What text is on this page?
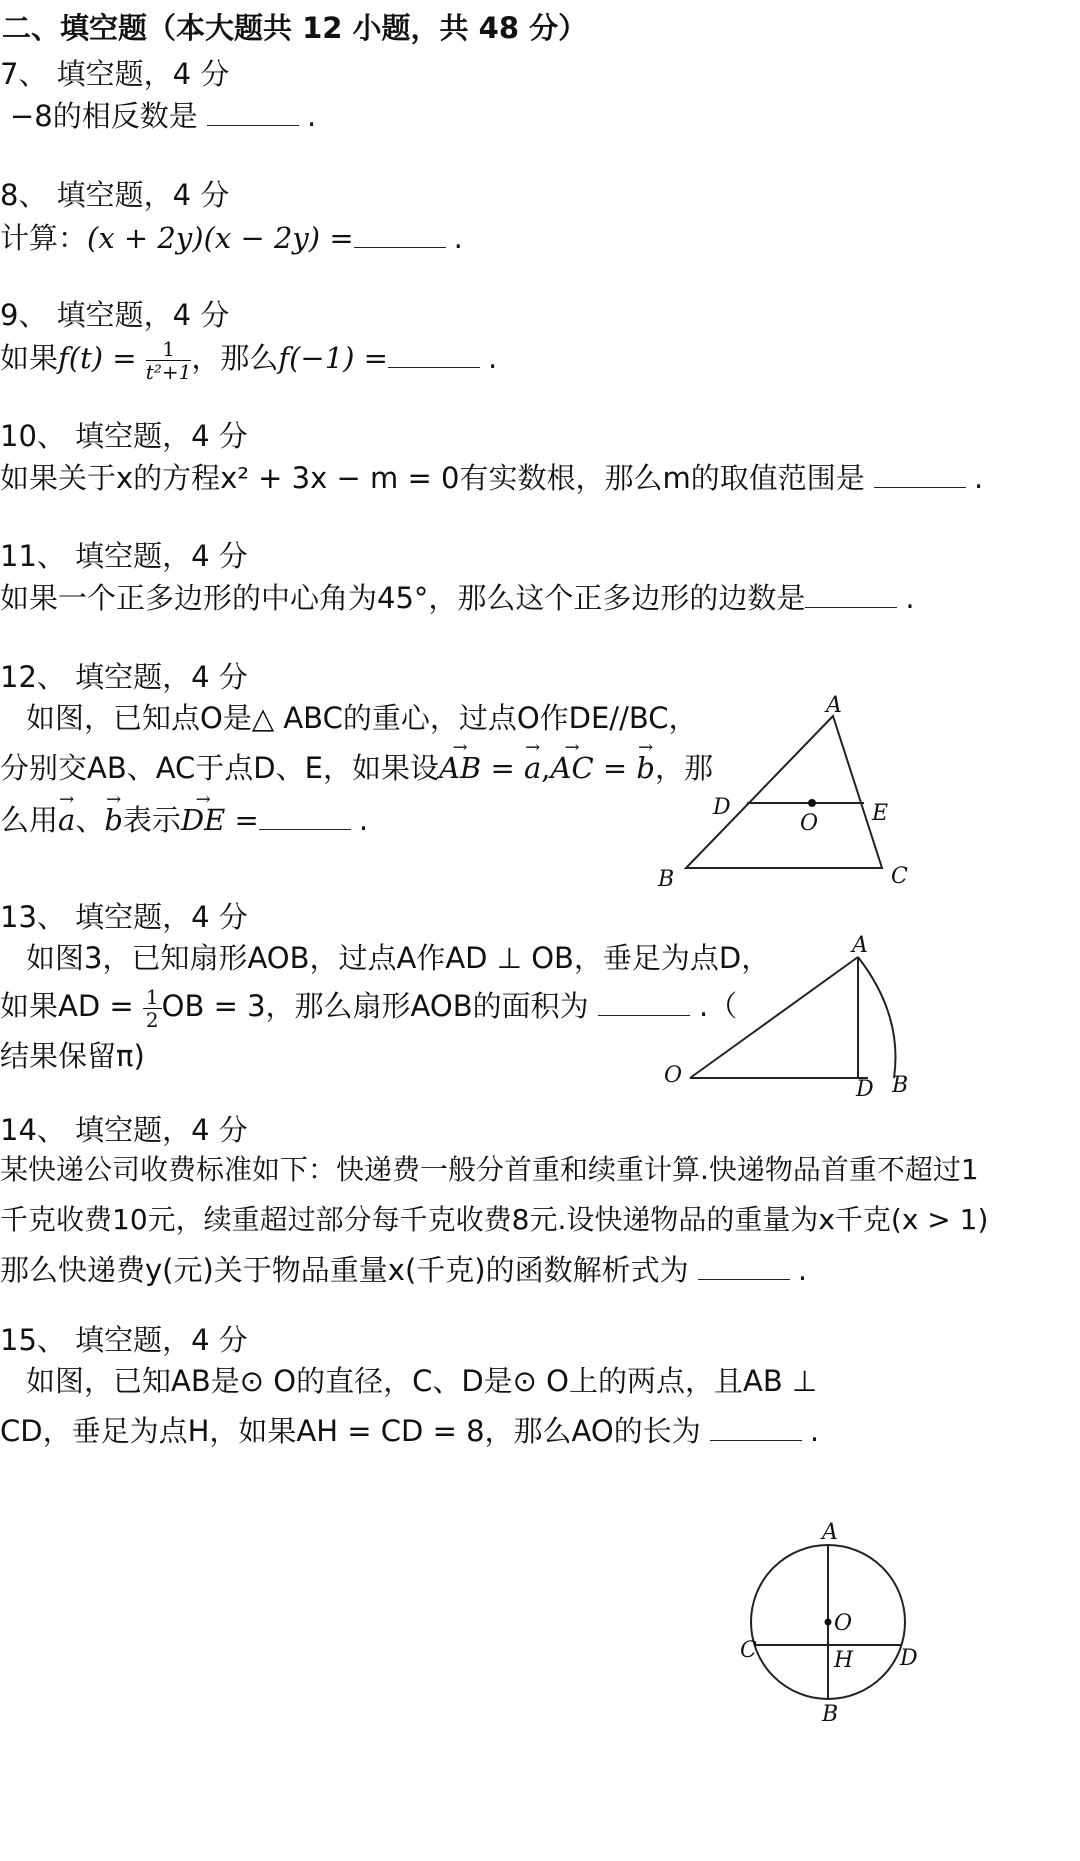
二、填空题（本大题共 12 小题，共 48 分）
7、 填空题，4 分
−8的相反数是	.
8、 填空题，4 分
计算：(x + 2y)(x − 2y) =	.
9、 填空题，4 分
如果$f(t) = \frac{1}{\text{t²+1}}$ ，那么f(−1) =	.
10、 填空题，4 分
如果关于x的方程x² + 3x − m = 0有实数根，那么m的取值范围是	.
11、 填空题，4 分
如果一个正多边形的中心角为45°，那么这个正多边形的边数是	.
12、 填空题，4 分
如图，已知点O是△ ABC的重心，过点O作DE//BC，
分别交AB、AC于点D、E，如果设→ AB = → a,→ AC = → b，那
么用→ a、→ b表示→ DE =	.
A
B	C
D	E
O
13、 填空题，4 分
如图3，已知扇形AOB，过点A作AD ⊥ OB，垂足为点D，
如果AD = $\frac{1}{2}$ OB = 3，那么扇形AOB的面积为	.（
结果保留π)
A
O
D B
14、 填空题，4 分
某快递公司收费标准如下：快递费一般分首重和续重计算.快递物品首重不超过1
千克收费10元，续重超过部分每千克收费8元.设快递物品的重量为x千克(x > 1)
那么快递费y(元)关于物品重量x(千克)的函数解析式为	.
15、 填空题，4 分
如图，已知AB是⊙ O的直径，C、D是⊙ O上的两点，且AB ⊥
CD，垂足为点H，如果AH = CD = 8，那么AO的长为	.
A
O
C	H D
B
